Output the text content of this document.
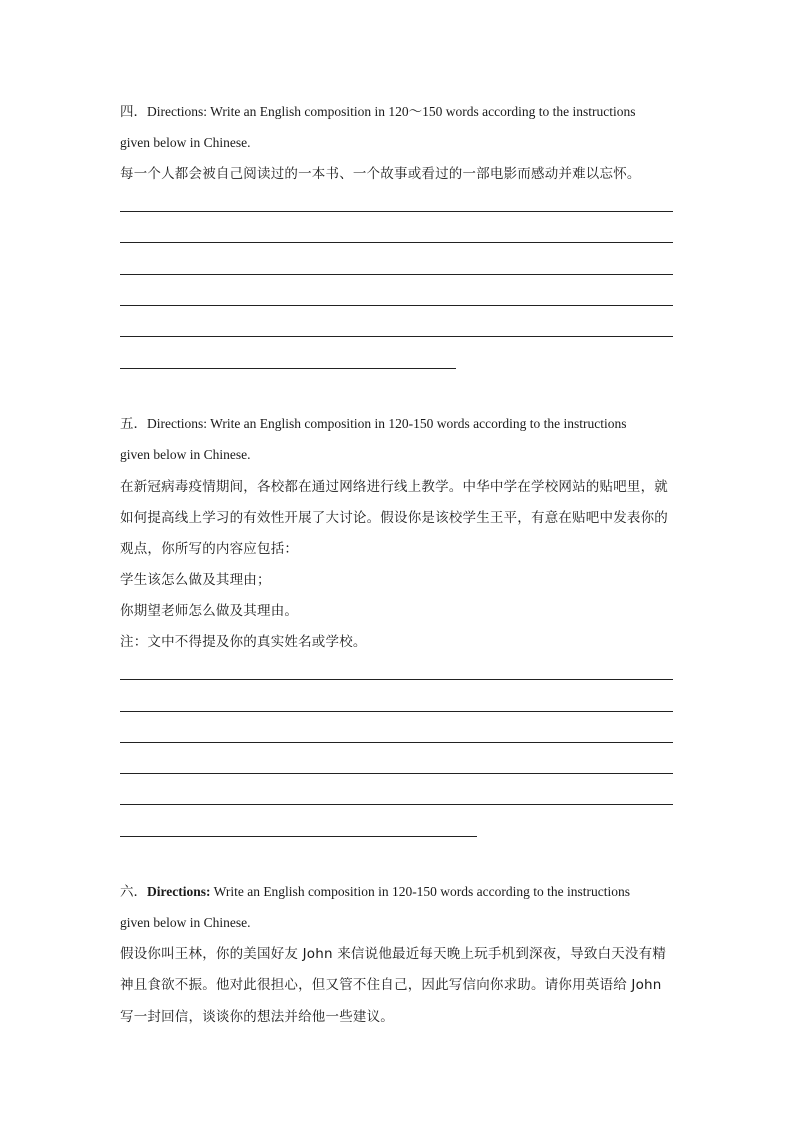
四．Directions: Write an English composition in 120～150 words according to the instructions
given below in Chinese.
每一个人都会被自己阅读过的一本书、一个故事或看过的一部电影而感动并难以忘怀。
五．Directions: Write an English composition in 120-150 words according to the instructions
given below in Chinese.
在新冠病毒疫情期间，各校都在通过网络进行线上教学。中华中学在学校网站的贴吧里，就
如何提高线上学习的有效性开展了大讨论。假设你是该校学生王平，有意在贴吧中发表你的
观点，你所写的内容应包括：
学生该怎么做及其理由；
你期望老师怎么做及其理由。
注：文中不得提及你的真实姓名或学校。
六．Directions: Write an English composition in 120-150 words according to the instructions
given below in Chinese.
假设你叫王林，你的美国好友 John 来信说他最近每天晚上玩手机到深夜，导致白天没有精
神且食欲不振。他对此很担心，但又管不住自己，因此写信向你求助。请你用英语给 John
写一封回信，谈谈你的想法并给他一些建议。
